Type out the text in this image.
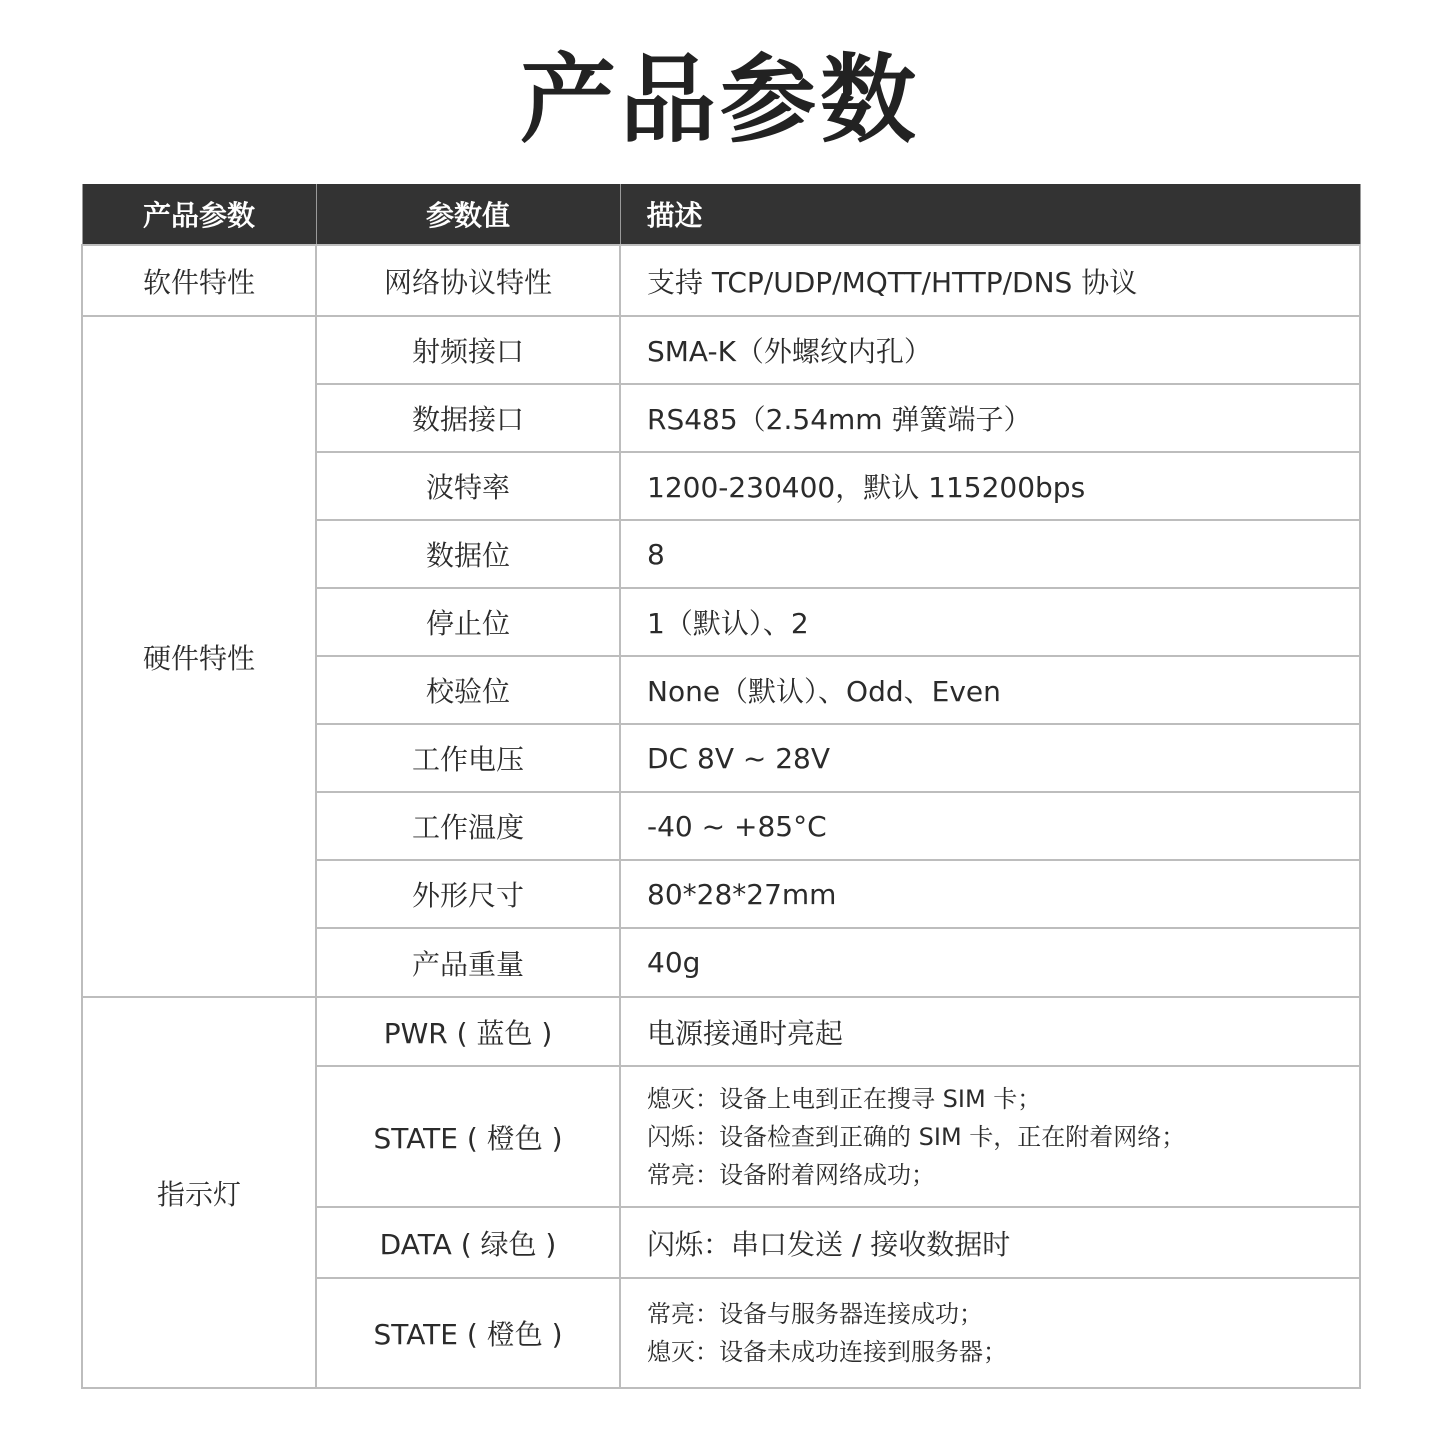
产品参数
产品参数	参数值	描述
软件特性	网络协议特性	支持 TCP/UDP/MQTT/HTTP/DNS 协议

硬件特性	射频接口	SMA-K（外螺纹内孔）

	数据接口	RS485（2.54mm 弹簧端子）

	波特率	1200-230400，默认 115200bps

	数据位	8

	停止位	1（默认）、2

	校验位	None（默认）、Odd、Even

	工作电压	DC 8V ~ 28V

	工作温度	-40 ~ +85°C

	外形尺寸	80*28*27mm

	产品重量	40g

指示灯	PWR ( 蓝色 )	电源接通时亮起

	STATE ( 橙色 )	熄灭：设备上电到正在搜寻 SIM 卡；
闪烁：设备检查到正确的 SIM 卡，正在附着网络；
常亮：设备附着网络成功；

	DATA ( 绿色 )	闪烁：串口发送 / 接收数据时

	STATE ( 橙色 )	常亮：设备与服务器连接成功；
熄灭：设备未成功连接到服务器；
